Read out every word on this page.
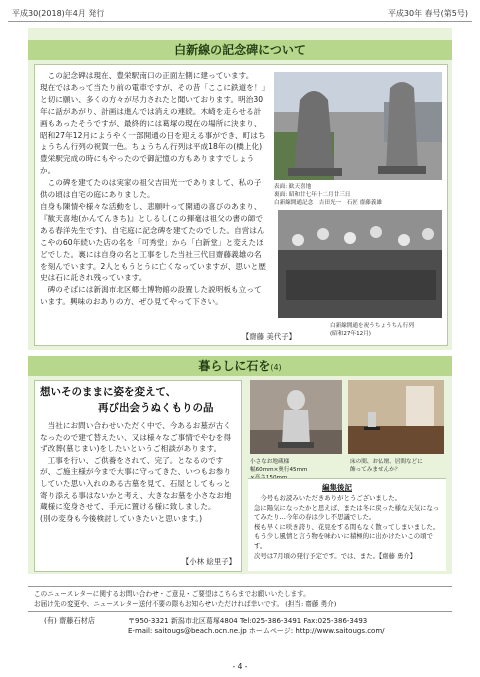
平成30(2018)年4月 発行	平成30年 春号(第5号)
白新線の記念碑について

この記念碑は現在、豊栄駅南口の正面左側に建っています。

現在ではあって当たり前の電車ですが、その昔「ここに鉄道を！」と切に願い、多くの方々が尽力されたと聞いております。明治30年に話があがり、計画は進んでは消えの連続。木崎を走らせる計画もあったそうですが、最終的には葛塚の現在の場所に決まり、昭和27年12月にようやく一部開通の日を迎える事ができ、町はちょうちん行列の祝賀一色。ちょうちん行列は平成18年の(橋上化)豊栄駅完成の時にもやったので御記憶の方もありますでしょうか。

この碑を建てたのは実家の祖父吉田光一でありまして、私の子供の頃は自宅の庭にありました。

自身も陳情や様々な活動をし、悲願叶って開通の喜びのあまり、『歓天喜地(かんてんきち)』としるし(この揮毫は祖父の書の師である春洋先生です)、自宅庭に記念碑を建てたのでした。自営はんこやの60年続いた店の名を「可秀堂」から「白新堂」と変えたほどでした。裏には自身の名と工事をした当社三代目齋藤義雄の名を刻んでいます。2人ともうとうに亡くなっていますが、思いと歴史は石に託され残っています。

碑のそばには新潟市北区郷土博物館の設置した説明板も立っています。興味のおありの方、ぜひ見てやって下さい。

【齋藤 美代子】
表面: 歓天喜地
裏面: 昭和廿七年十二月廿三日
白新線開通記念　吉田光一　石匠 齋藤義雄
白新線開通を祝うちょうちん行列
(昭和27年12月)
暮らしに石を(4)
想いそのままに姿を変えて、
再び出会うぬくもりの品

当社にお問い合わせいただく中で、今あるお墓が古くなったので建て替えたい、又は様々なご事情でやむを得ず改葬(墓じまい)をしたいというご相談があります。

工事を行い、ご供養をされて、完了。となるのですが、ご施主様が今まで大事に守ってきた、いつもお参りしていた思い入れのある古墓を見て、石屋としてもっと寄り添える事はないかと考え、大きなお墓を小さなお地蔵様に変身させて、手元に置ける様に致しました。

(別の変身も今後検討していきたいと思います。)

【小林 絵里子】
小さなお地蔵様
幅60mm×奥行45mm
床の間、お仏壇、居間などに
飾ってみませんか？
編集後記
今号もお読みいただきありがとうございました。
急に陽気になったかと思えば、または冬に戻った様な天気になってみたり…今年の春は少し不思議でした。
桜も早くに咲き誇り、花見をする間もなく散ってしまいました。もう少し風情と言う物を味わいに積極的に出かけたいこの頃です。
次号は7月頃の発行予定です。では、また。【齋藤 勇介】
このニュースレターに関するお問い合わせ・ご意見・ご要望はこちらまでお願いいたします。
お届け先の変更や、ニュースレター送付不要の際もお知らせいただければ幸いです。 (担当: 齋藤 勇介)
(有) 齋藤石材店	〒950-3321 新潟市北区葛塚4804 Tel:025-386-3491 Fax:025-386-3493
E-mail: saitougs@beach.ocn.ne.jp ホームページ: http://www.saitougs.com/
- 4 -
